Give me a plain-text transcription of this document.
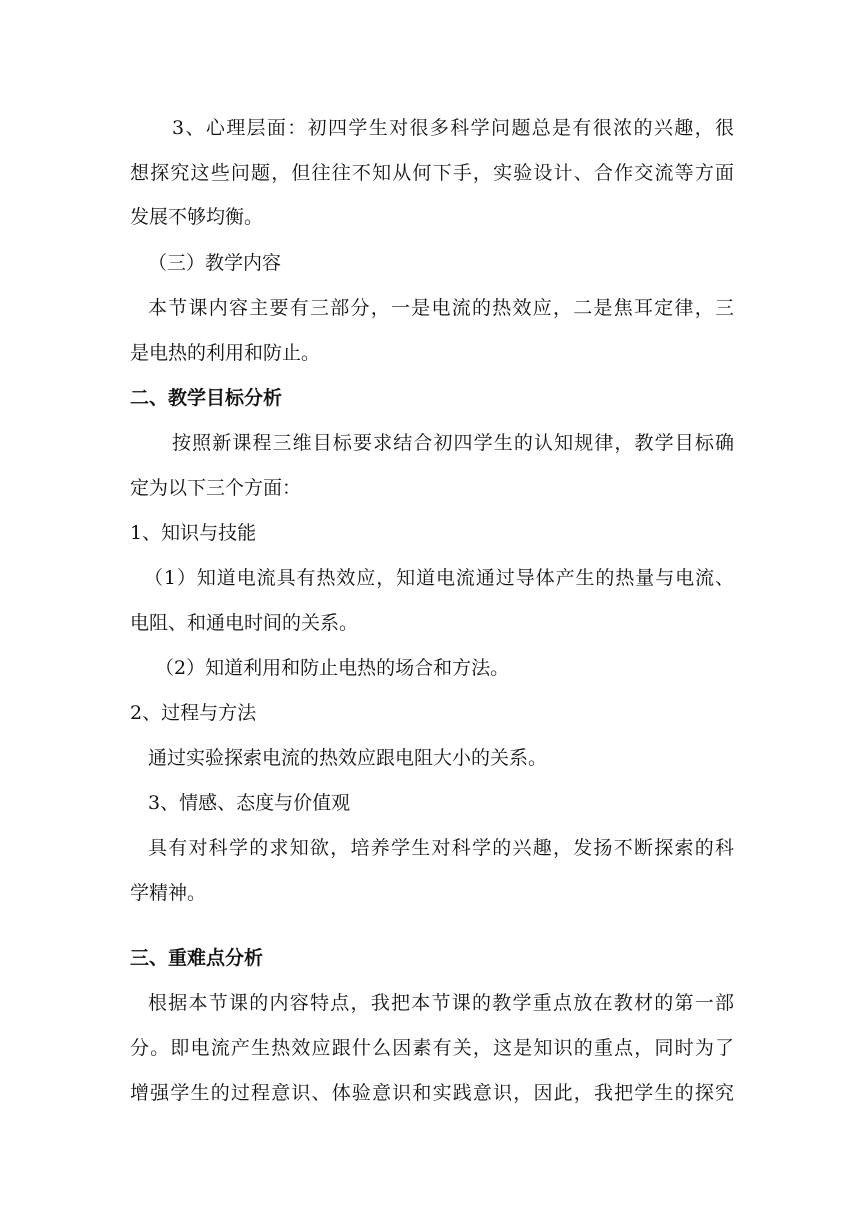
3、心理层面：初四学生对很多科学问题总是有很浓的兴趣，很
想探究这些问题，但往往不知从何下手，实验设计、合作交流等方面
发展不够均衡。
（三）教学内容
本节课内容主要有三部分，一是电流的热效应，二是焦耳定律，三
是电热的利用和防止。
二、教学目标分析
按照新课程三维目标要求结合初四学生的认知规律，教学目标确
定为以下三个方面：
1、知识与技能
（1）知道电流具有热效应，知道电流通过导体产生的热量与电流、
电阻、和通电时间的关系。
（2）知道利用和防止电热的场合和方法。
2、过程与方法
通过实验探索电流的热效应跟电阻大小的关系。
3、情感、态度与价值观
具有对科学的求知欲，培养学生对科学的兴趣，发扬不断探索的科
学精神。
三、重难点分析
根据本节课的内容特点，我把本节课的教学重点放在教材的第一部
分。即电流产生热效应跟什么因素有关，这是知识的重点，同时为了
增强学生的过程意识、体验意识和实践意识，因此，我把学生的探究
